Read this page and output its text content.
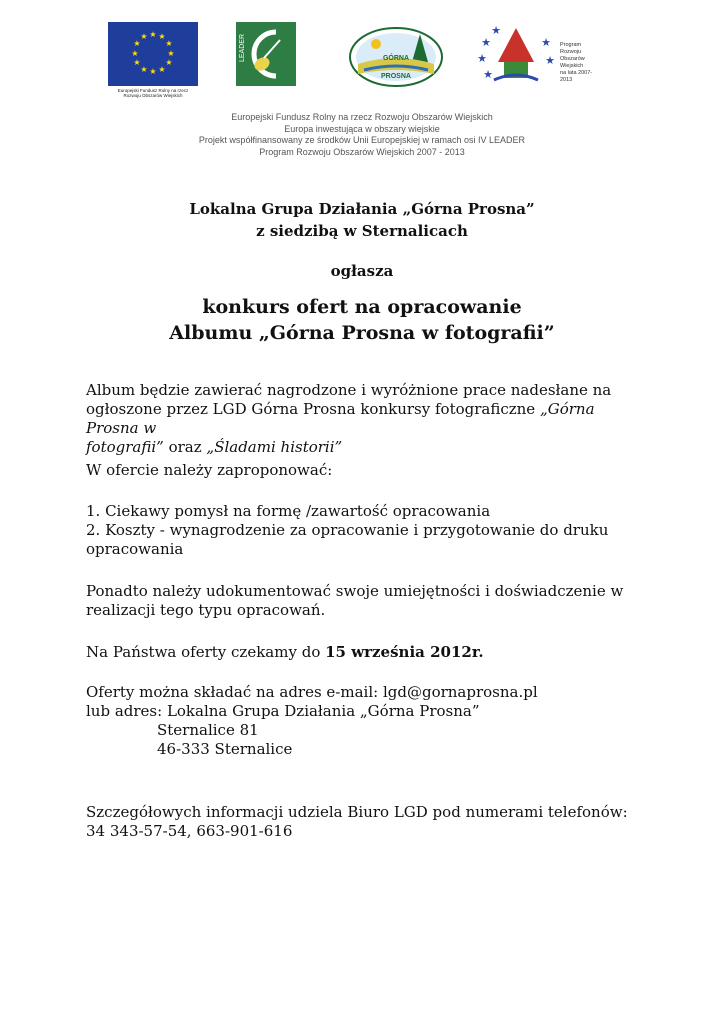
★ ★
★
★
★
★
★
★
★
★
★
★
Europejski Fundusz Rolny na rzecz
Rozwoju Obszarów Wiejskich
LEADER	GÓRNA
PROSNA
★
★
★
★
★
★
Program
Rozwoju
Obszarów
Wiejskich
na lata 2007-2013
Europejski Fundusz Rolny na rzecz Rozwoju Obszarów Wiejskich
Europa inwestująca w obszary wiejskie
Projekt współfinansowany ze środków Unii Europejskiej w ramach osi IV LEADER
Program Rozwoju Obszarów Wiejskich 2007 - 2013
Lokalna Grupa Działania „Górna Prosna”
z siedzibą w Sternalicach
ogłasza
konkurs ofert na opracowanie
Albumu „Górna Prosna w fotografii”

Album będzie zawierać nagrodzone i wyróżnione prace nadesłane na

ogłoszone przez LGD Górna Prosna konkursy fotograficzne „Górna Prosna w

fotografii” oraz „Śladami historii”

W ofercie należy zaproponować:

1. Ciekawy pomysł na formę /zawartość opracowania

2. Koszty - wynagrodzenie za opracowanie i przygotowanie do druku

opracowania

Ponadto należy udokumentować swoje umiejętności i doświadczenie w

realizacji tego typu opracowań.

Na Państwa oferty czekamy do 15 września 2012r.

Oferty można składać na adres e-mail: lgd@gornaprosna.pl

lub adres: Lokalna Grupa Działania „Górna Prosna”

Sternalice 81

46-333 Sternalice

Szczegółowych informacji udziela Biuro LGD pod numerami telefonów:

34 343-57-54, 663-901-616
